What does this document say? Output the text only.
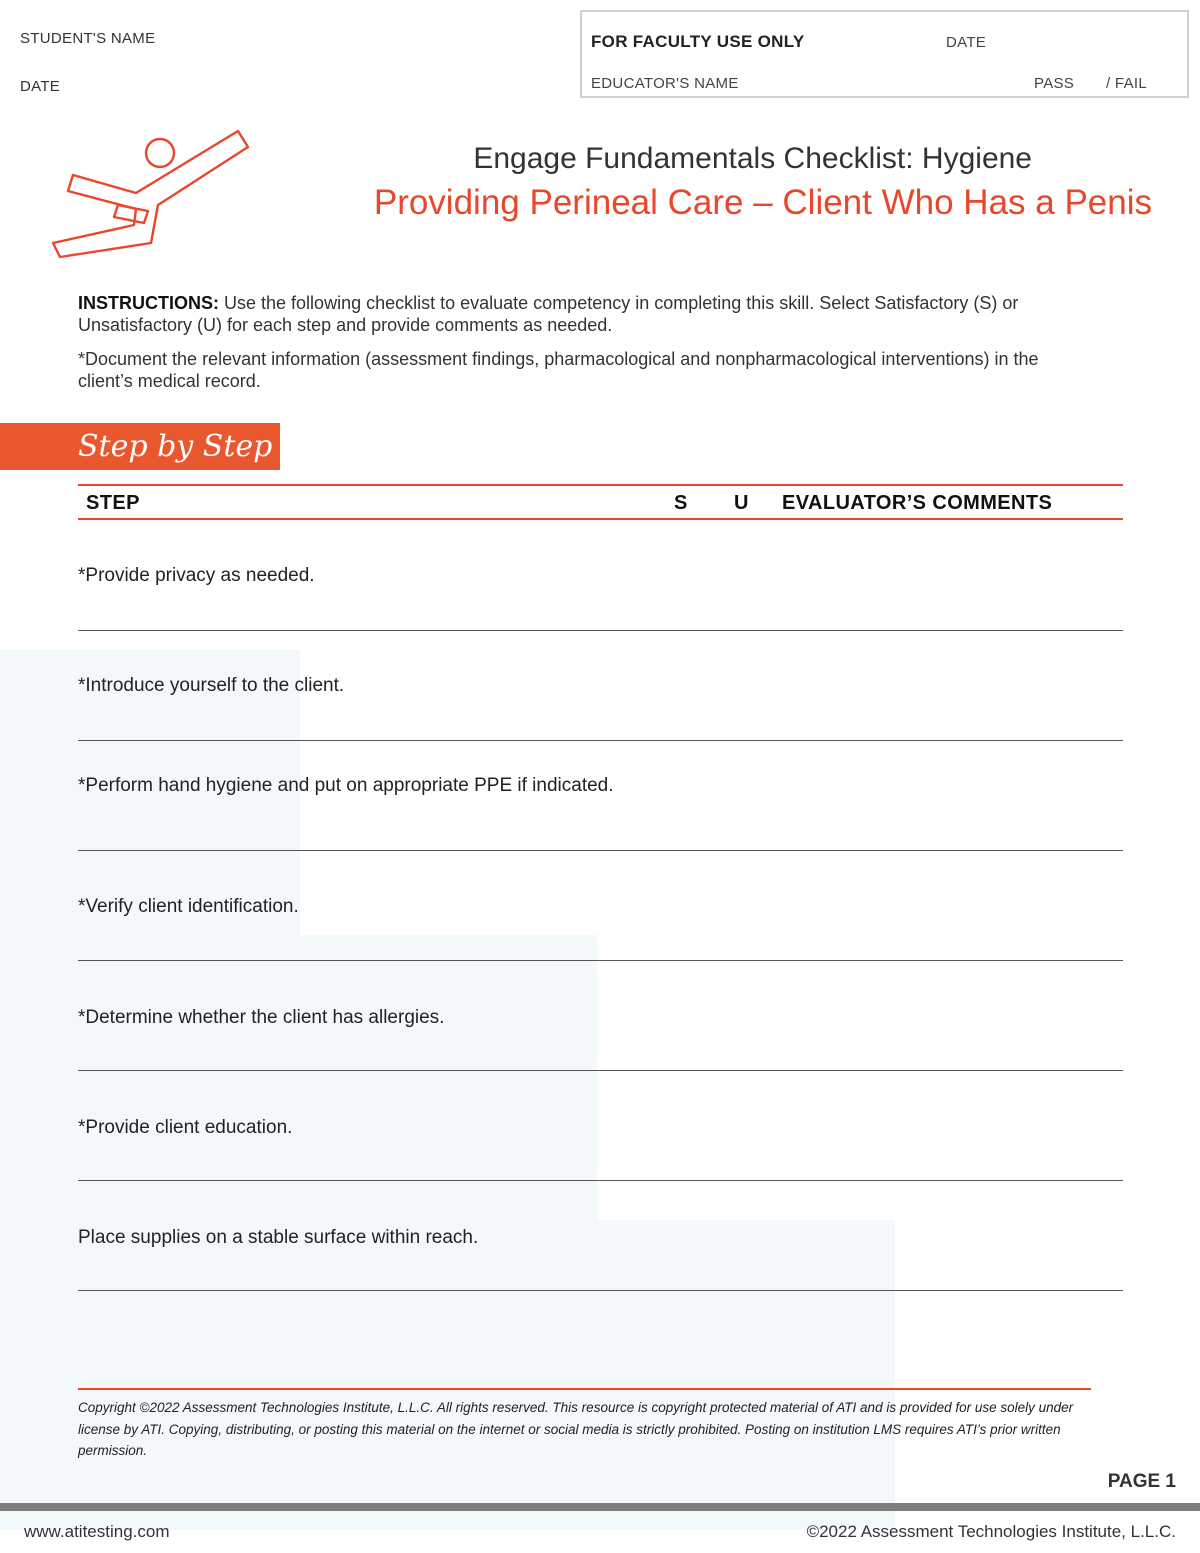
STUDENT'S NAME
DATE
FOR FACULTY USE ONLY	DATE
EDUCATOR'S NAME	PASS / FAIL
Engage Fundamentals Checklist: Hygiene
Providing Perineal Care – Client Who Has a Penis

INSTRUCTIONS: Use the following checklist to evaluate competency in completing this skill. Select Satisfactory (S) or Unsatisfactory (U) for each step and provide comments as needed.

*Document the relevant information (assessment findings, pharmacological and nonpharmacological interventions) in the client’s medical record.

Step by Step
STEP	S U EVALUATOR’S COMMENTS
*Provide privacy as needed.
*Introduce yourself to the client.
*Perform hand hygiene and put on appropriate PPE if indicated.
*Verify client identification.
*Determine whether the client has allergies.
*Provide client education.
Place supplies on a stable surface within reach.
Copyright ©2022 Assessment Technologies Institute, L.L.C. All rights reserved. This resource is copyright protected material of ATI and is provided for use solely under license by ATI. Copying, distributing, or posting this material on the internet or social media is strictly prohibited. Posting on institution LMS requires ATI’s prior written permission.
PAGE 1
www.atitesting.com	©2022 Assessment Technologies Institute, L.L.C.
